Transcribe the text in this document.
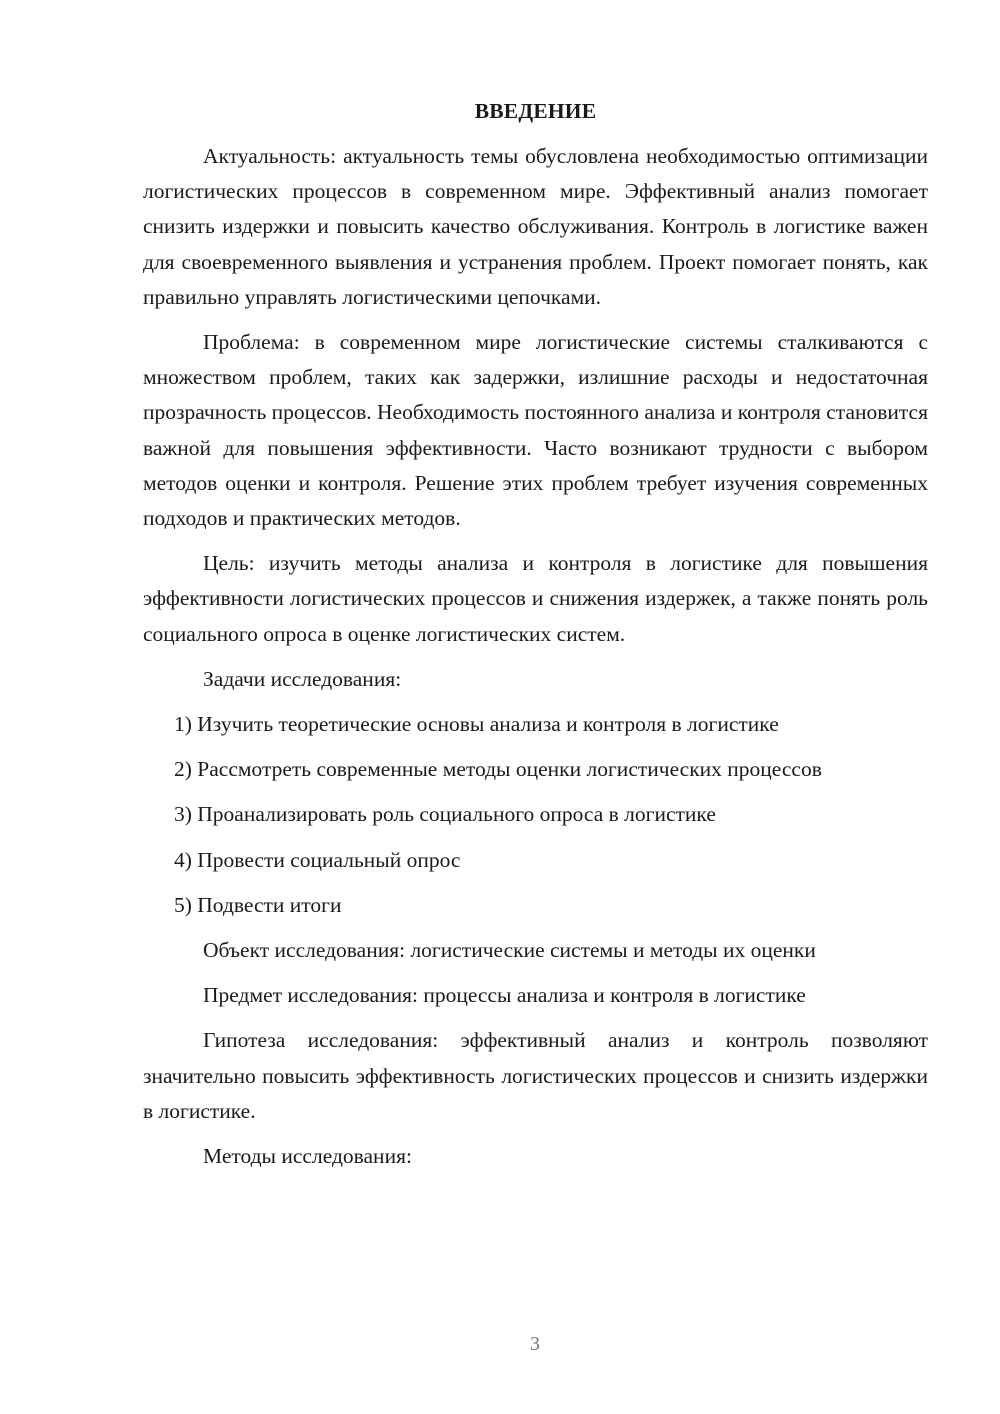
ВВЕДЕНИЕ

Актуальность: актуальность темы обусловлена необходимостью оптимизации логистических процессов в современном мире. Эффективный анализ помогает снизить издержки и повысить качество обслуживания. Контроль в логистике важен для своевременного выявления и устранения проблем. Проект помогает понять, как правильно управлять логистическими цепочками.

Проблема: в современном мире логистические системы сталкиваются с множеством проблем, таких как задержки, излишние расходы и недостаточная прозрачность процессов. Необходимость постоянного анализа и контроля становится важной для повышения эффективности. Часто возникают трудности с выбором методов оценки и контроля. Решение этих проблем требует изучения современных подходов и практических методов.

Цель: изучить методы анализа и контроля в логистике для повышения эффективности логистических процессов и снижения издержек, а также понять роль социального опроса в оценке логистических систем.

Задачи исследования:

1) Изучить теоретические основы анализа и контроля в логистике
2) Рассмотреть современные методы оценки логистических процессов
3) Проанализировать роль социального опроса в логистике
4) Провести социальный опрос
5) Подвести итоги

Объект исследования: логистические системы и методы их оценки

Предмет исследования: процессы анализа и контроля в логистике

Гипотеза исследования: эффективный анализ и контроль позволяют значительно повысить эффективность логистических процессов и снизить издержки в логистике.

Методы исследования:

3
